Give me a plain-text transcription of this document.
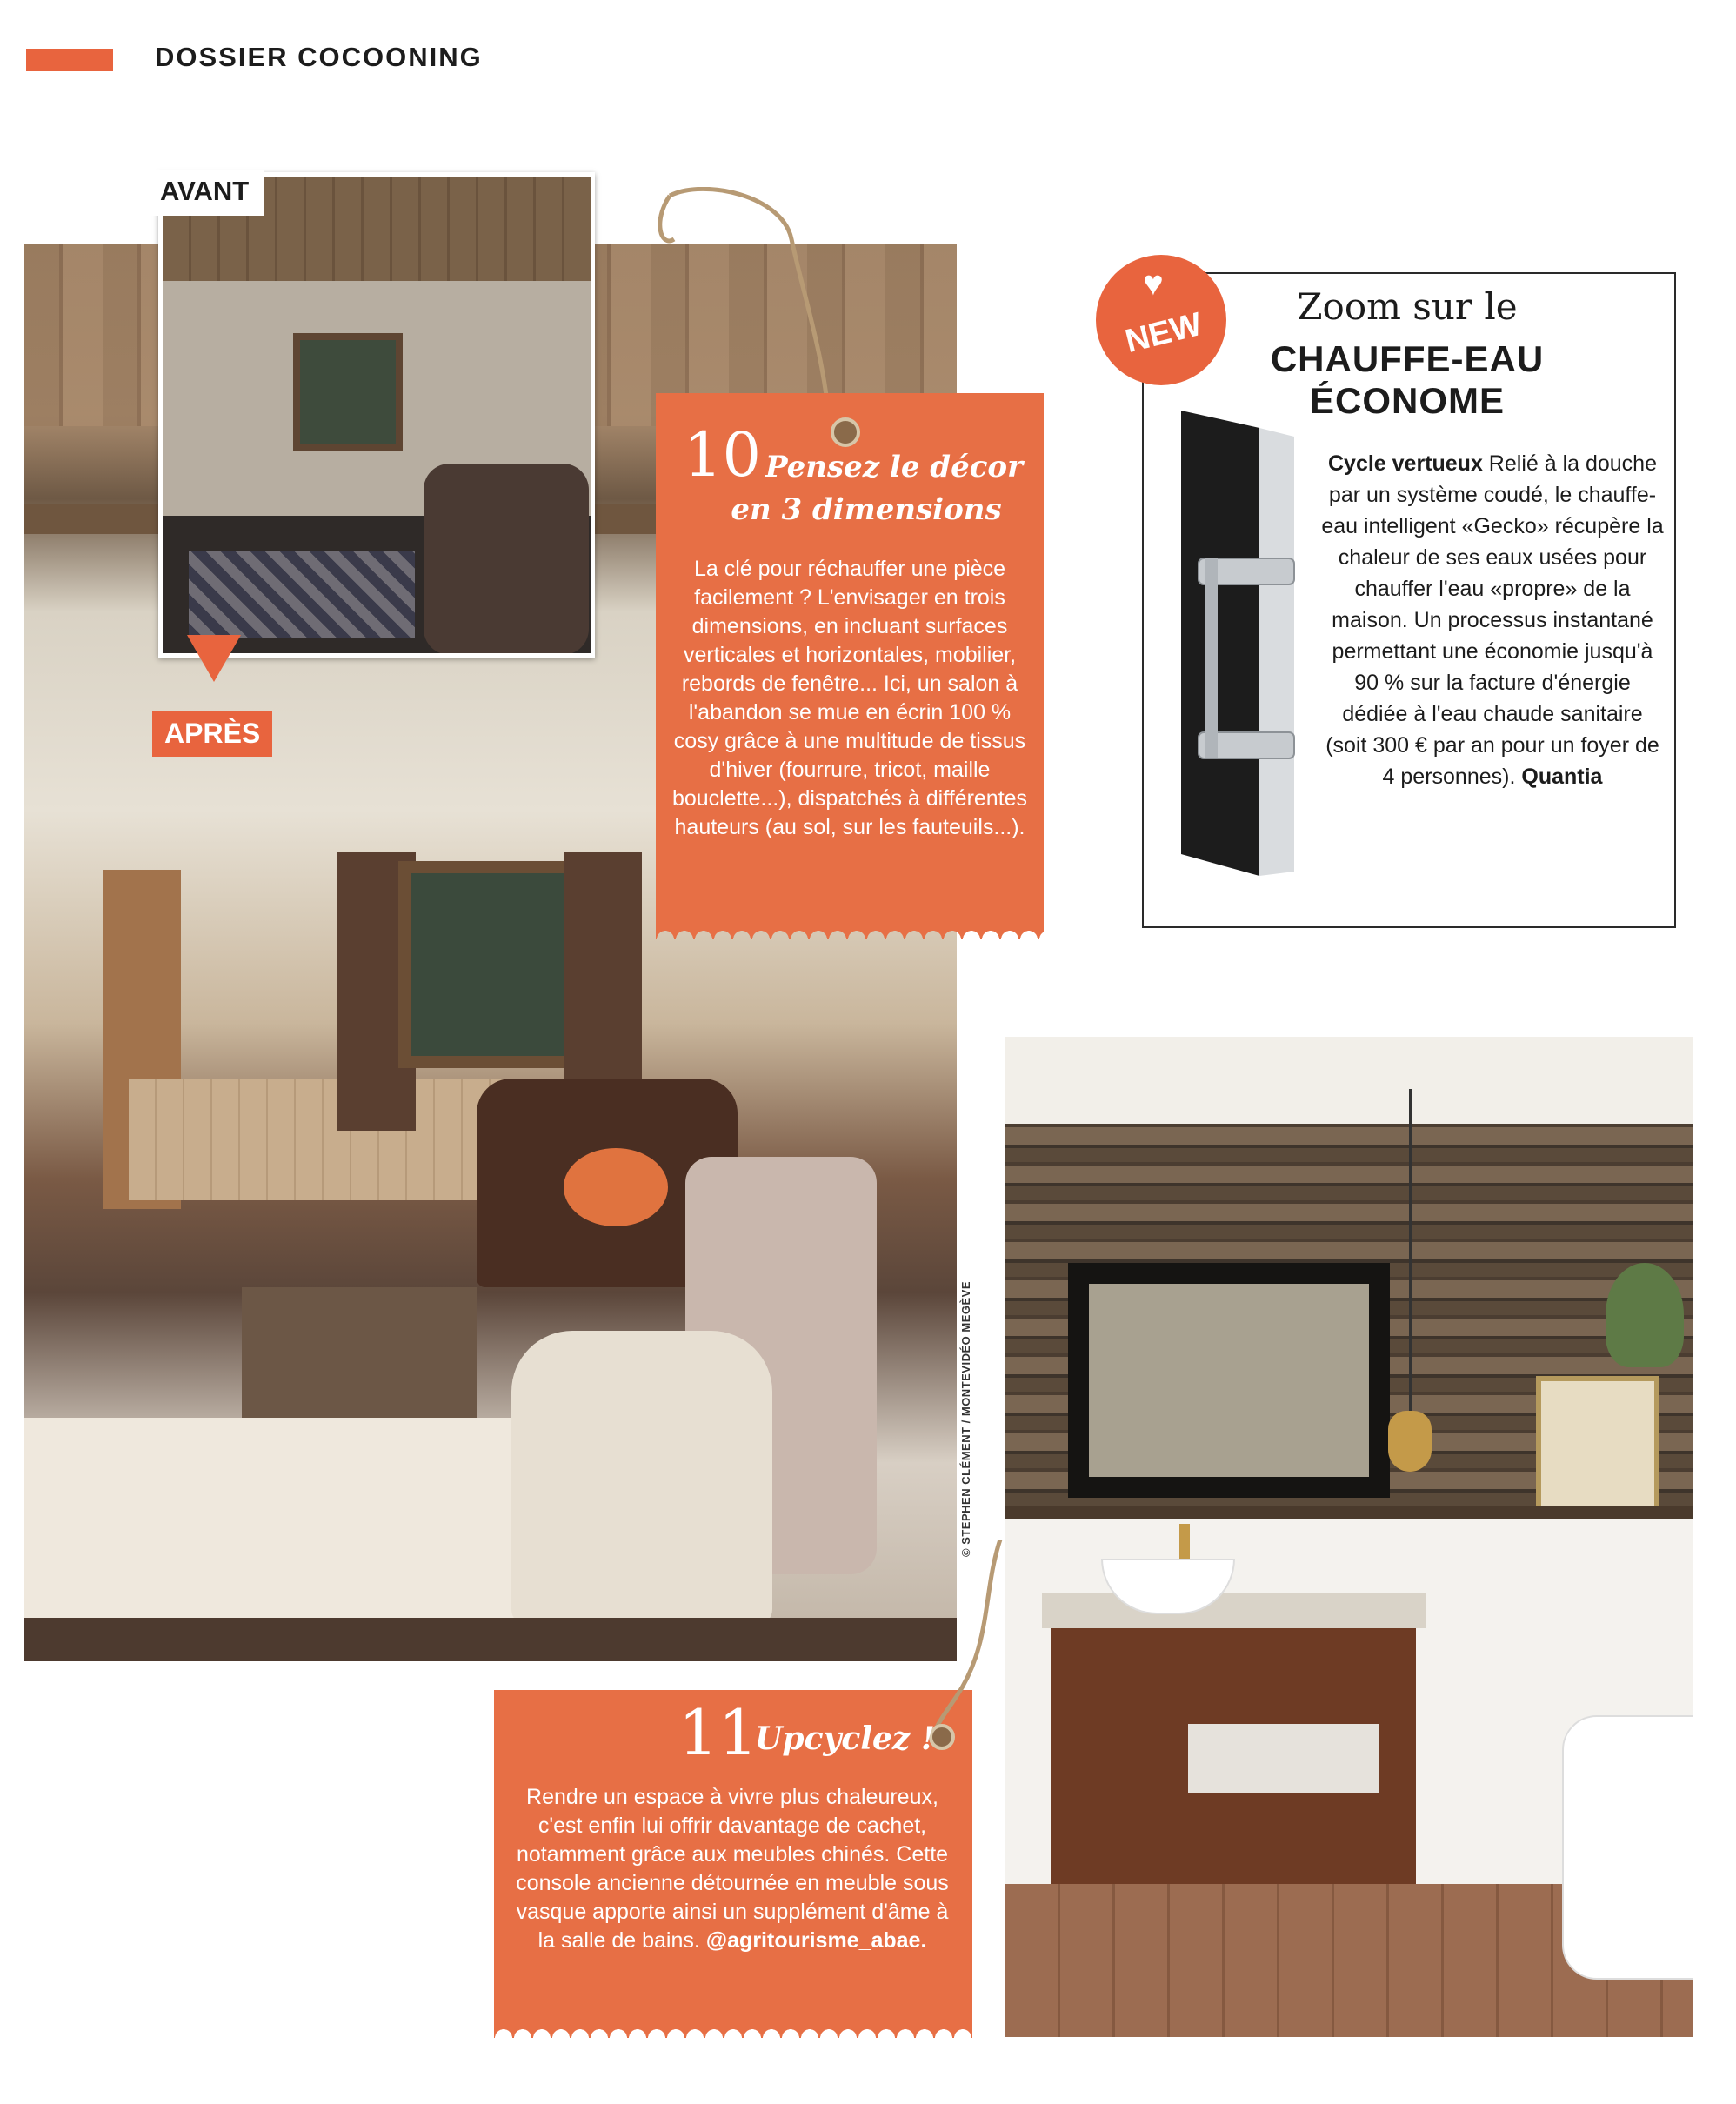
DOSSIER COCOONING
AVANT
APRÈS
10 Pensez le décor
en 3 dimensions
La clé pour réchauffer une pièce facilement ? L'envisager en trois dimensions, en incluant surfaces verticales et horizontales, mobilier, rebords de fenêtre... Ici, un salon à l'abandon se mue en écrin 100 % cosy grâce à une multitude de tissus d'hiver (fourrure, tricot, maille bouclette...), dispatchés à différentes hauteurs (au sol, sur les fauteuils...).
♥
NEW	Zoom sur le
CHAUFFE-EAU
ÉCONOME
Cycle vertueux Relié à la douche par un système coudé, le chauffe-eau intelligent «Gecko» récupère la chaleur de ses eaux usées pour chauffer l'eau «propre» de la maison. Un processus instantané permettant une économie jusqu'à 90 % sur la facture d'énergie dédiée à l'eau chaude sanitaire (soit 300 € par an pour un foyer de 4 personnes). Quantia
© STEPHEN CLÉMENT / MONTEVIDÉO MEGÈVE
11
Upcyclez !
Rendre un espace à vivre plus chaleureux, c'est enfin lui offrir davantage de cachet, notamment grâce aux meubles chinés. Cette console ancienne détournée en meuble sous vasque apporte ainsi un supplément d'âme à la salle de bains. @agritourisme_abae.
